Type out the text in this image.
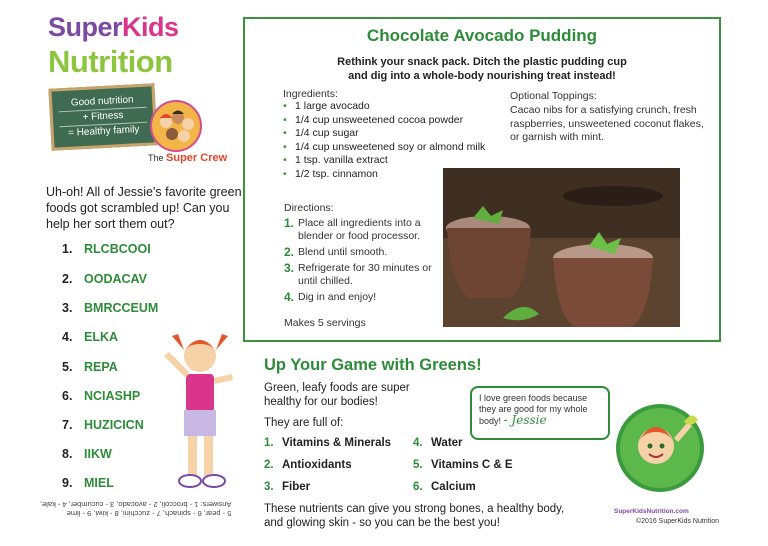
SuperKids
Nutrition
Good nutrition
+ Fitness
= Healthy family
The Super Crew
Uh-oh! All of Jessie's favorite green foods got scrambled up! Can you help her sort them out?
1. RLCBCOOI
2. OODACAV
3. BMRCCEUM
4. ELKA
5. REPA
6. NCIASHP
7. HUZICICN
8. IIKW
9. MIEL
5 - pear, 6 - spinach, 7 - zucchini, 8 - kiwi, 9 - lime
Answers: 1 - broccoli, 2 - avocado, 3 - cucumber, 4 - kale,
Chocolate Avocado Pudding
Rethink your snack pack. Ditch the plastic pudding cup
and dig into a whole-body nourishing treat instead!
Ingredients:
• 1 large avocado
• 1/4 cup unsweetened cocoa powder
• 1/4 cup sugar
• 1/4 cup unsweetened soy or almond milk
• 1 tsp. vanilla extract
• 1/2 tsp. cinnamon
Optional Toppings:
Cacao nibs for a satisfying crunch, fresh raspberries, unsweetened coconut flakes, or garnish with mint.
Directions:
1. Place all ingredients into a blender or food processor.
2. Blend until smooth.
3. Refrigerate for 30 minutes or until chilled.
4. Dig in and enjoy!
Makes 5 servings
Up Your Game with Greens!
Green, leafy foods are super
healthy for our bodies!
They are full of:
1. Vitamins & Minerals
2. Antioxidants
3. Fiber
4. Water
5. Vitamins C & E
6. Calcium
These nutrients can give you strong bones, a healthy body,
and glowing skin - so you can be the best you!
I love green foods because they are good for my whole body! - Jessie
SuperKidsNutrition.com
©2016 SuperKids Nutrition
